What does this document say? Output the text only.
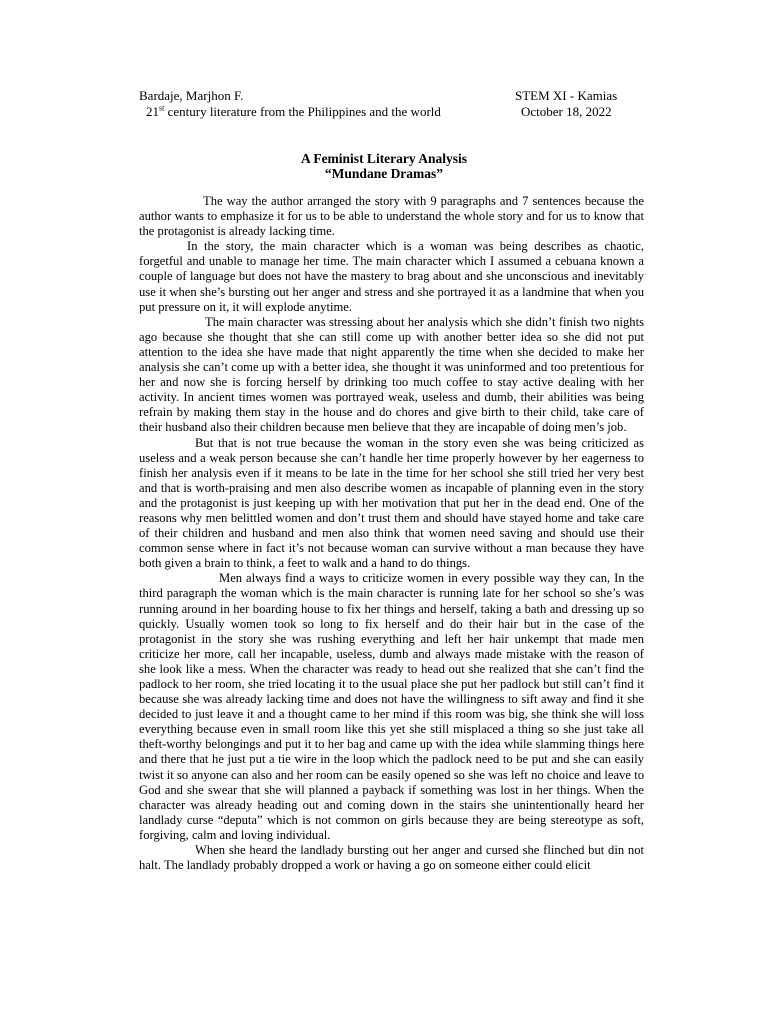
Bardaje, Marjhon F.	STEM XI - Kamias
21st century literature from the Philippines and the world	October 18, 2022
A Feminist Literary Analysis
“Mundane Dramas”

The way the author arranged the story with 9 paragraphs and 7 sentences because the author wants to emphasize it for us to be able to understand the whole story and for us to know that the protagonist is already lacking time.

In the story, the main character which is a woman was being describes as chaotic, forgetful and unable to manage her time. The main character which I assumed a cebuana known a couple of language but does not have the mastery to brag about and she unconscious and inevitably use it when she’s bursting out her anger and stress and she portrayed it as a landmine that when you put pressure on it, it will explode anytime.

The main character was stressing about her analysis which she didn’t finish two nights ago because she thought that she can still come up with another better idea so she did not put attention to the idea she have made that night apparently the time when she decided to make her analysis she can’t come up with a better idea, she thought it was uninformed and too pretentious for her and now she is forcing herself by drinking too much coffee to stay active dealing with her activity. In ancient times women was portrayed weak, useless and dumb, their abilities was being refrain by making them stay in the house and do chores and give birth to their child, take care of their husband also their children because men believe that they are incapable of doing men’s job.

But that is not true because the woman in the story even she was being criticized as useless and a weak person because she can’t handle her time properly however by her eagerness to finish her analysis even if it means to be late in the time for her school she still tried her very best and that is worth-praising and men also describe women as incapable of planning even in the story and the protagonist is just keeping up with her motivation that put her in the dead end. One of the reasons why men belittled women and don’t trust them and should have stayed home and take care of their children and husband and men also think that women need saving and should use their common sense where in fact it’s not because woman can survive without a man because they have both given a brain to think, a feet to walk and a hand to do things.

Men always find a ways to criticize women in every possible way they can, In the third paragraph the woman which is the main character is running late for her school so she’s was running around in her boarding house to fix her things and herself, taking a bath and dressing up so quickly. Usually women took so long to fix herself and do their hair but in the case of the protagonist in the story she was rushing everything and left her hair unkempt that made men criticize her more, call her incapable, useless, dumb and always made mistake with the reason of she look like a mess. When the character was ready to head out she realized that she can’t find the padlock to her room, she tried locating it to the usual place she put her padlock but still can’t find it because she was already lacking time and does not have the willingness to sift away and find it she decided to just leave it and a thought came to her mind if this room was big, she think she will loss everything because even in small room like this yet she still misplaced a thing so she just take all theft-worthy belongings and put it to her bag and came up with the idea while slamming things here and there that he just put a tie wire in the loop which the padlock need to be put and she can easily twist it so anyone can also and her room can be easily opened so she was left no choice and leave to God and she swear that she will planned a payback if something was lost in her things. When the character was already heading out and coming down in the stairs she unintentionally heard her landlady curse “deputa” which is not common on girls because they are being stereotype as soft, forgiving, calm and loving individual.

When she heard the landlady bursting out her anger and cursed she flinched but din not halt. The landlady probably dropped a work or having a go on someone either could elicit
